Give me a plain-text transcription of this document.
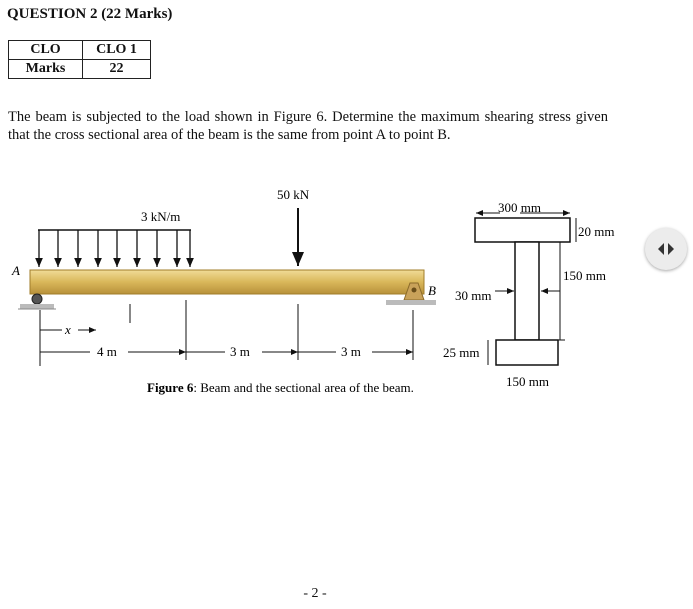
QUESTION 2 (22 Marks)
CLO	CLO 1
Marks	22
The beam is subjected to the load shown in Figure 6. Determine the maximum shearing stress given that the cross sectional area of the beam is the same from point A to point B.
3 kN/m
50 kN
A
B
x
4 m	3 m	3 m
300 mm
20 mm
150 mm
30 mm
25 mm
150 mm
Figure 6: Beam and the sectional area of the beam.
- 2 -
